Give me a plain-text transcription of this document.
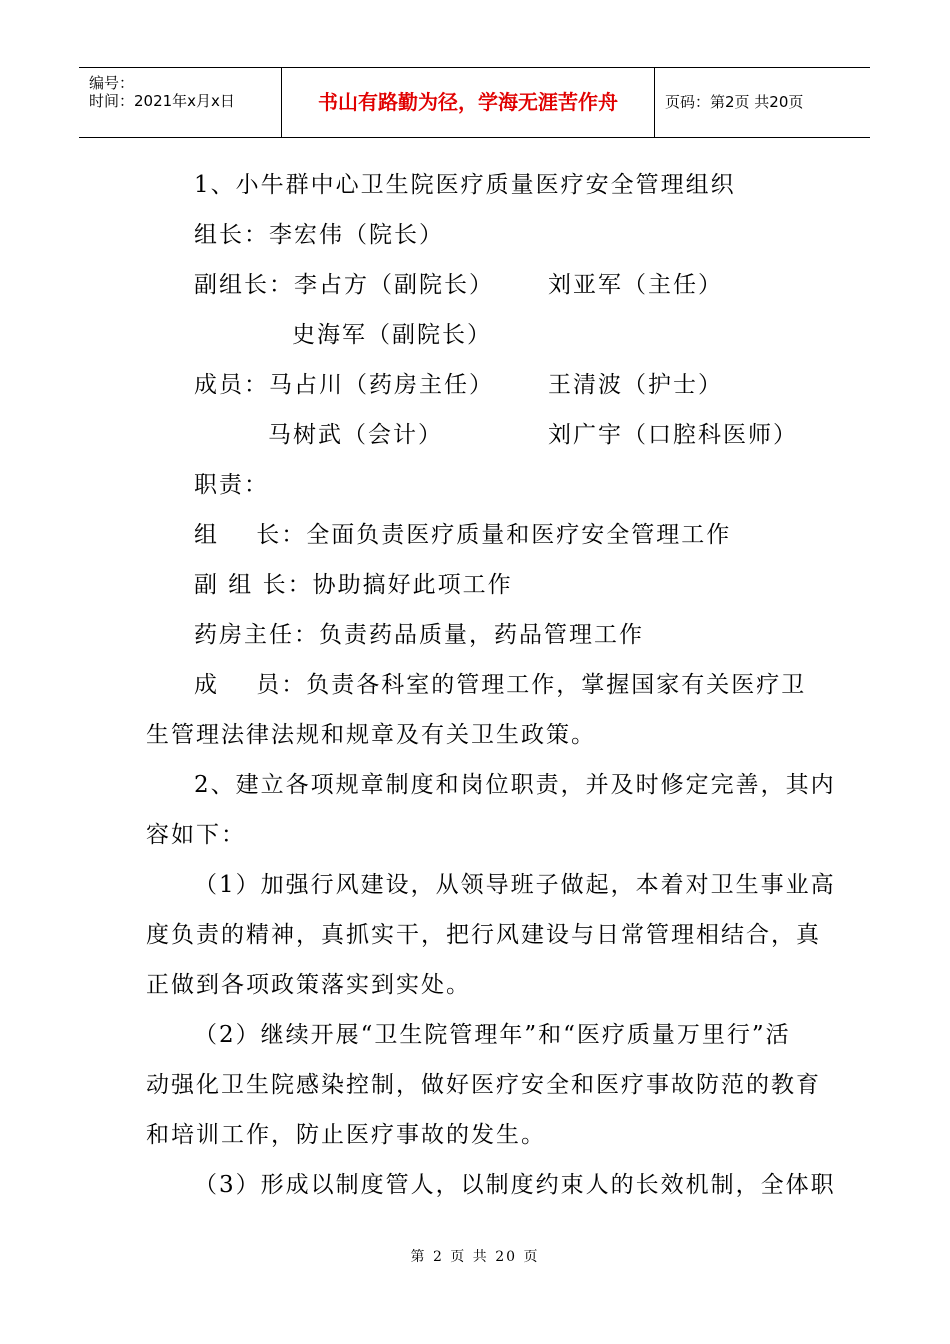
编号：
时间：2021年x月x日	书山有路勤为径，学海无涯苦作舟	页码：第2页 共20页
1、小牛群中心卫生院医疗质量医疗安全管理组织
组长：李宏伟（院长）
副组长：李占方（副院长） 刘亚军（主任）
史海军（副院长）
成员：马占川（药房主任） 王清波（护士）
马树武（会计）	刘广宇（口腔科医师）
职责：
组    长：全面负责医疗质量和医疗安全管理工作
副 组 长：协助搞好此项工作
药房主任：负责药品质量，药品管理工作
成    员：负责各科室的管理工作，掌握国家有关医疗卫
生管理法律法规和规章及有关卫生政策。
2、建立各项规章制度和岗位职责，并及时修定完善，其内
容如下：
（1）加强行风建设，从领导班子做起，本着对卫生事业高
度负责的精神，真抓实干，把行风建设与日常管理相结合，真
正做到各项政策落实到实处。
（2）继续开展“卫生院管理年”和“医疗质量万里行”活
动强化卫生院感染控制，做好医疗安全和医疗事故防范的教育
和培训工作，防止医疗事故的发生。
（3）形成以制度管人，以制度约束人的长效机制，全体职
第 2 页 共 20 页
